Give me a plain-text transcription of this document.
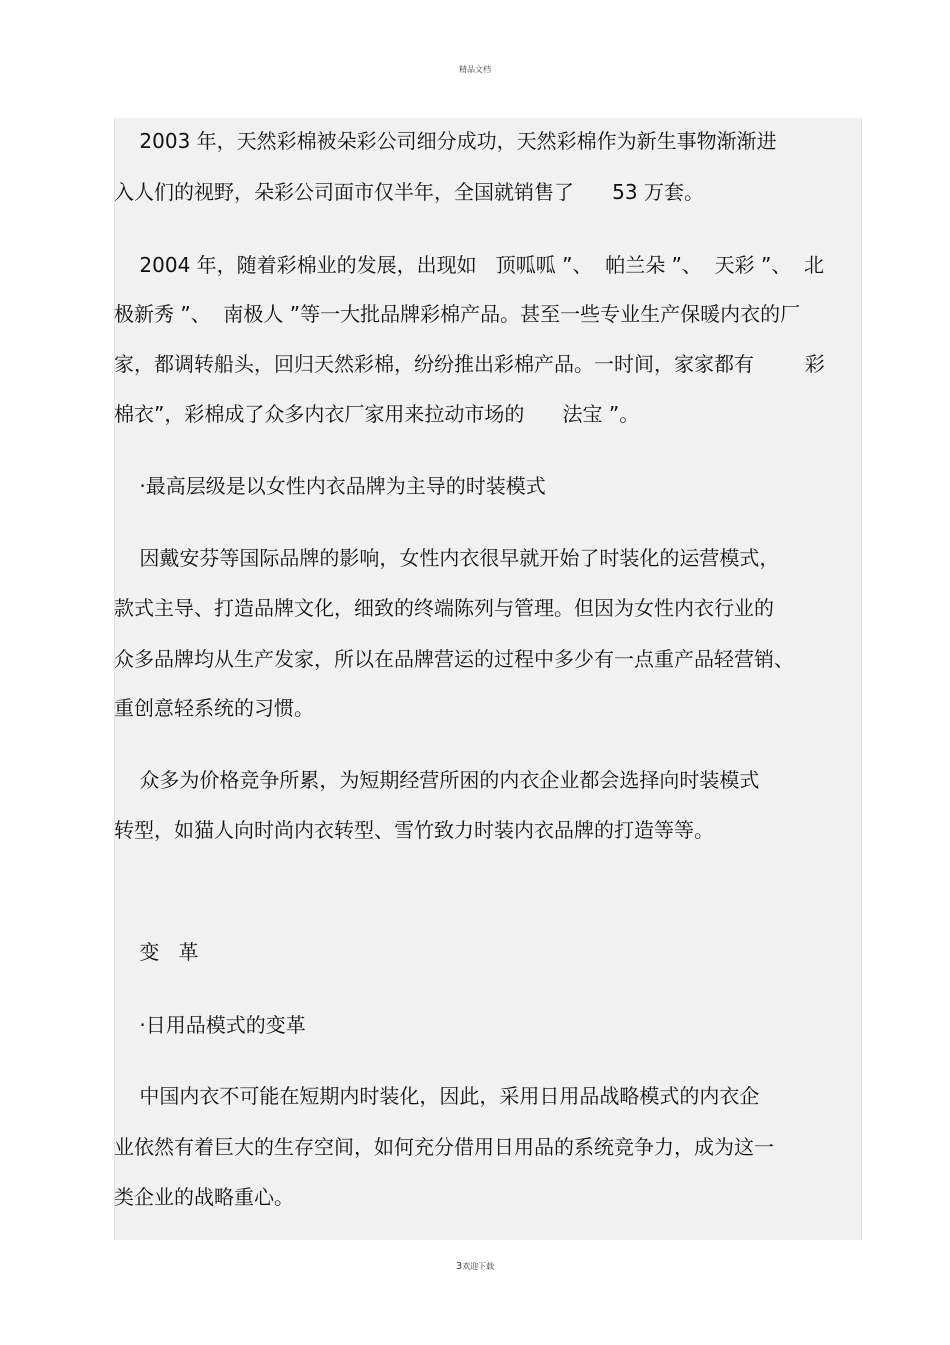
精品文档
2003 年，天然彩棉被朵彩公司细分成功，天然彩棉作为新生事物渐渐进
入人们的视野，朵彩公司面市仅半年，全国就销售了      53 万套。
2004 年，随着彩棉业的发展，出现如   顶呱呱 ”、  帕兰朵 ”、  天彩 ”、  北
极新秀 ”、  南极人 ”等一大批品牌彩棉产品。甚至一些专业生产保暖内衣的厂
家，都调转船头，回归天然彩棉，纷纷推出彩棉产品。一时间，家家都有        彩
棉衣”，彩棉成了众多内衣厂家用来拉动市场的      法宝 ”。
·最高层级是以女性内衣品牌为主导的时装模式
因戴安芬等国际品牌的影响，女性内衣很早就开始了时装化的运营模式，
款式主导、打造品牌文化，细致的终端陈列与管理。但因为女性内衣行业的
众多品牌均从生产发家，所以在品牌营运的过程中多少有一点重产品轻营销、
重创意轻系统的习惯。
众多为价格竞争所累，为短期经营所困的内衣企业都会选择向时装模式
转型，如猫人向时尚内衣转型、雪竹致力时装内衣品牌的打造等等。
变   革
·日用品模式的变革
中国内衣不可能在短期内时装化，因此，采用日用品战略模式的内衣企
业依然有着巨大的生存空间，如何充分借用日用品的系统竞争力，成为这一
类企业的战略重心。
3欢迎下载
